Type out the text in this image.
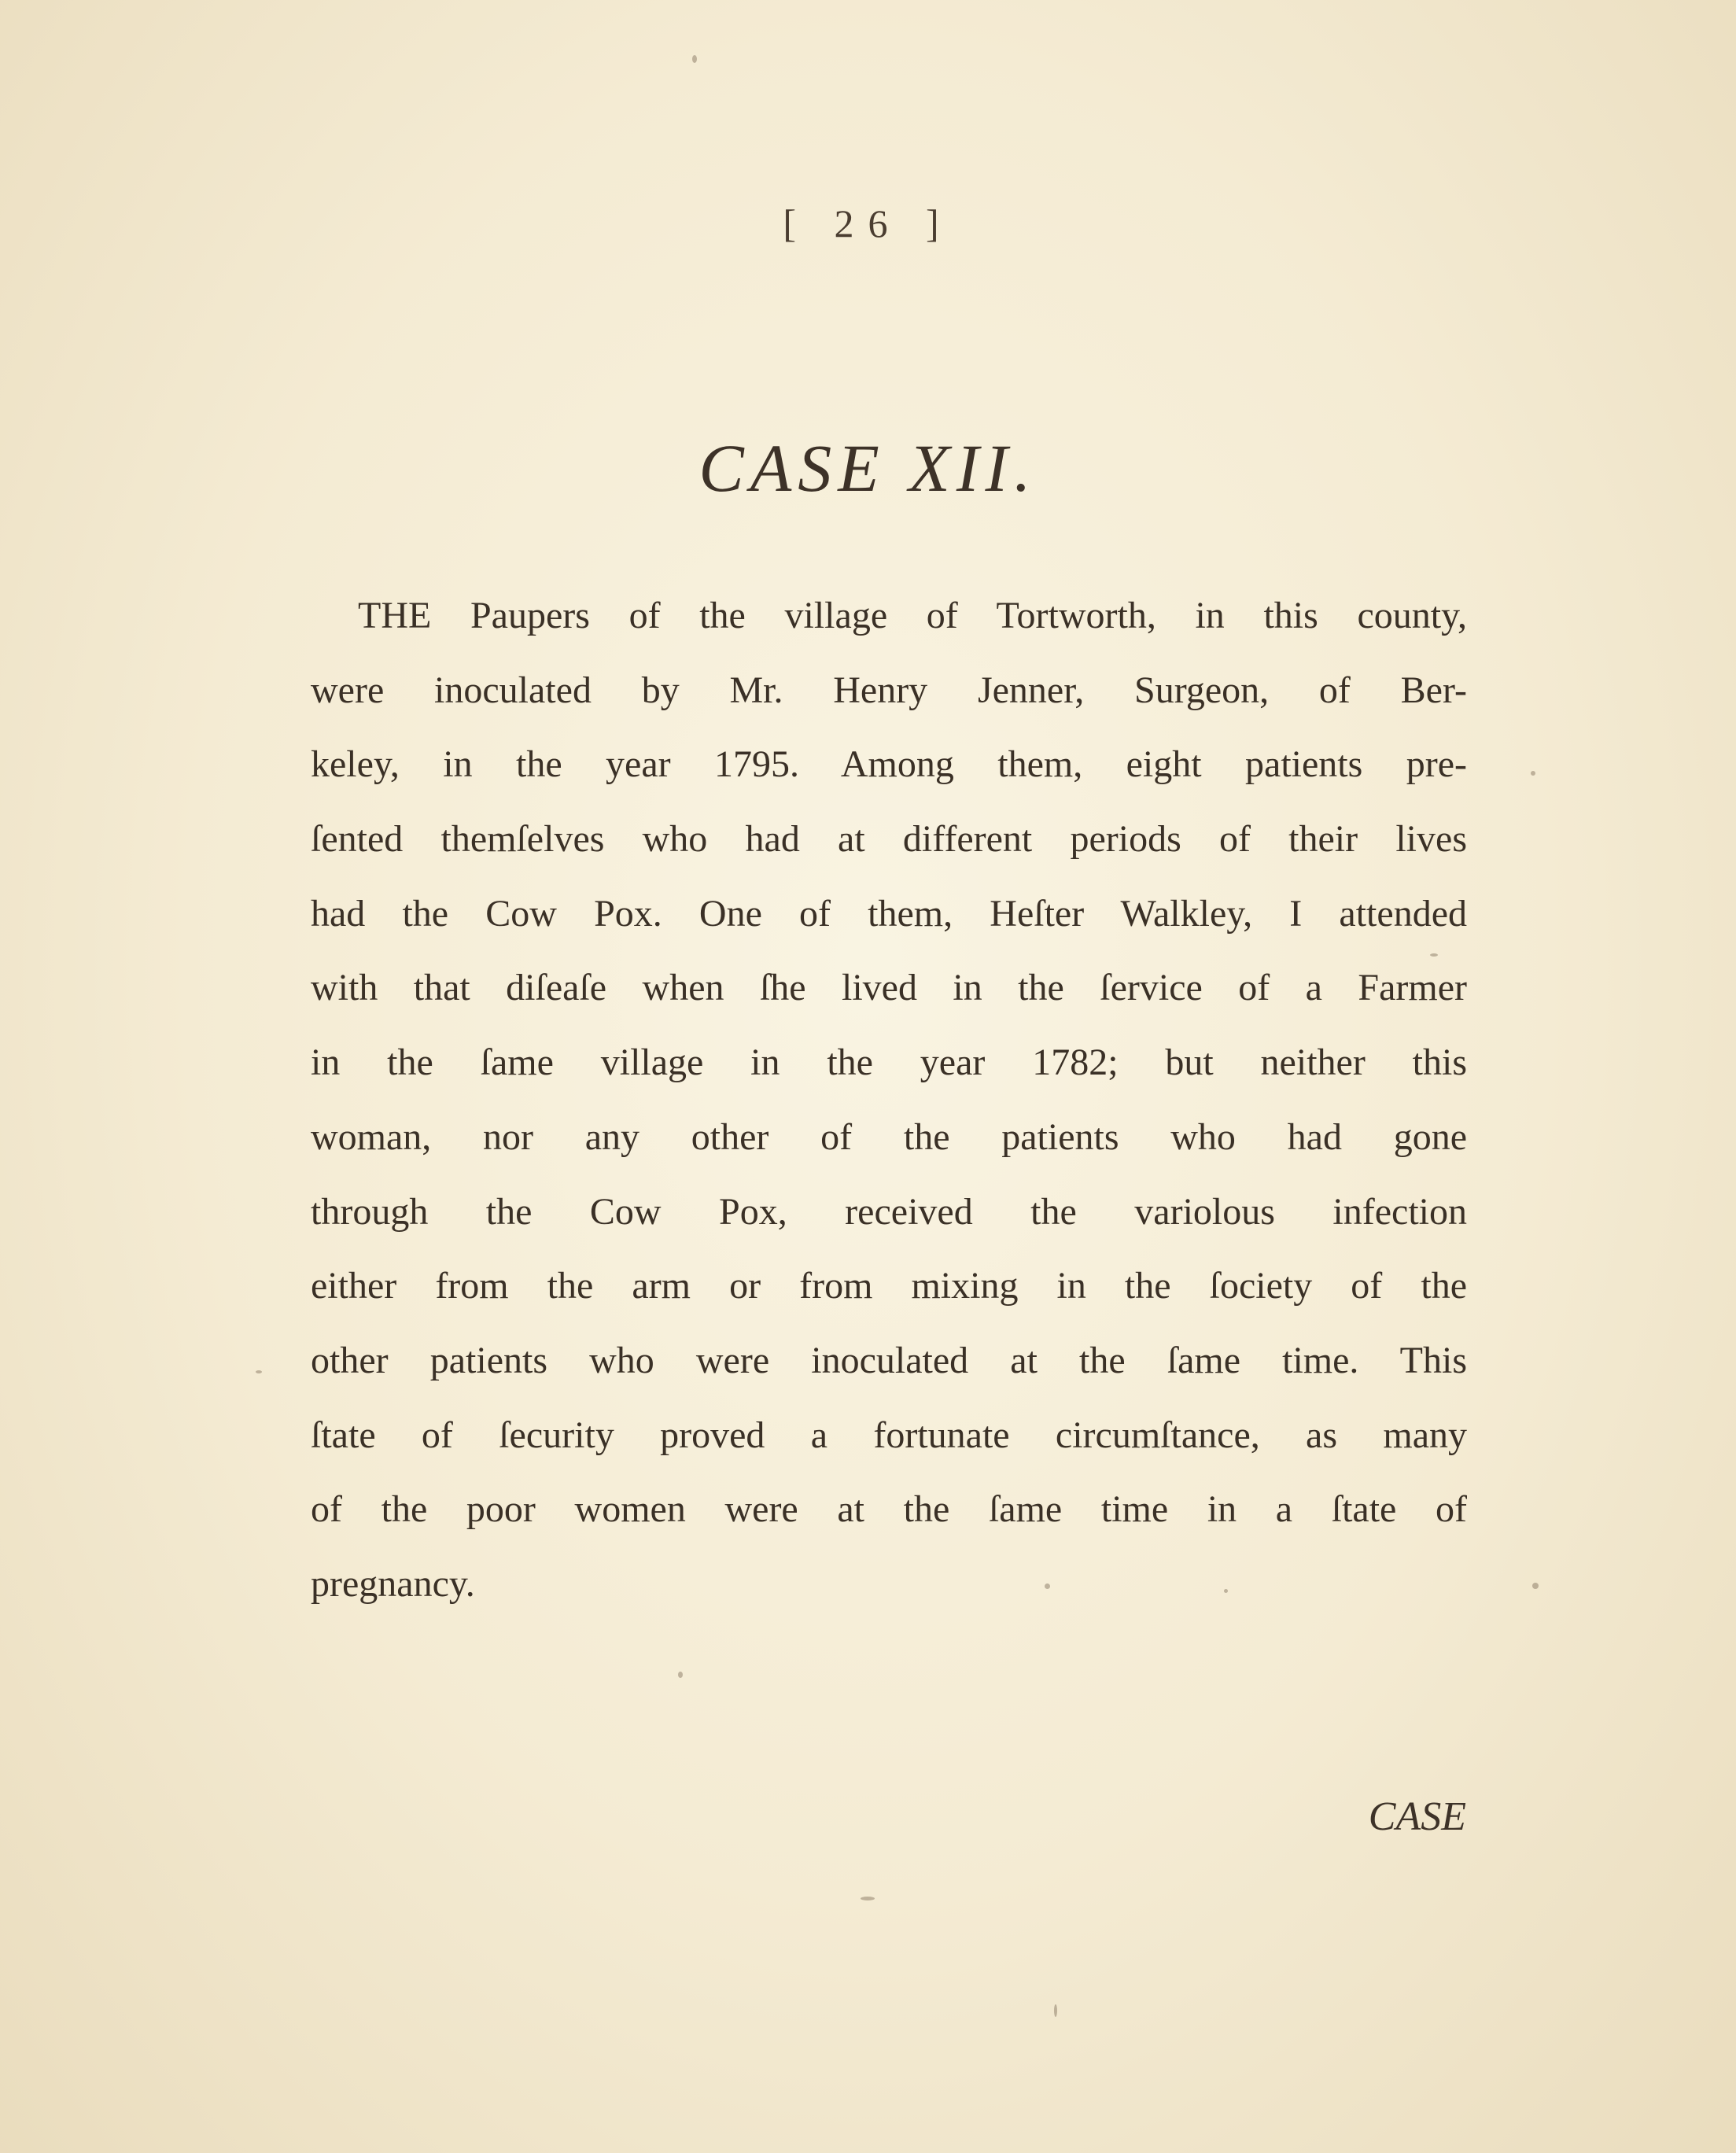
[ 26 ]
CASE XII.
THE Paupers of the village of Tortworth, in this county,
were inoculated by Mr. Henry Jenner, Surgeon, of Ber-
keley, in the year 1795. Among them, eight patients pre-
ſented themſelves who had at different periods of their lives
had the Cow Pox. One of them, Heſter Walkley, I attended
with that diſeaſe when ſhe lived in the ſervice of a Farmer
in the ſame village in the year 1782; but neither this
woman, nor any other of the patients who had gone
through the Cow Pox, received the variolous infection
either from the arm or from mixing in the ſociety of the
other patients who were inoculated at the ſame time. This
ſtate of ſecurity proved a fortunate circumſtance, as many
of the poor women were at the ſame time in a ſtate of
pregnancy.
CASE
